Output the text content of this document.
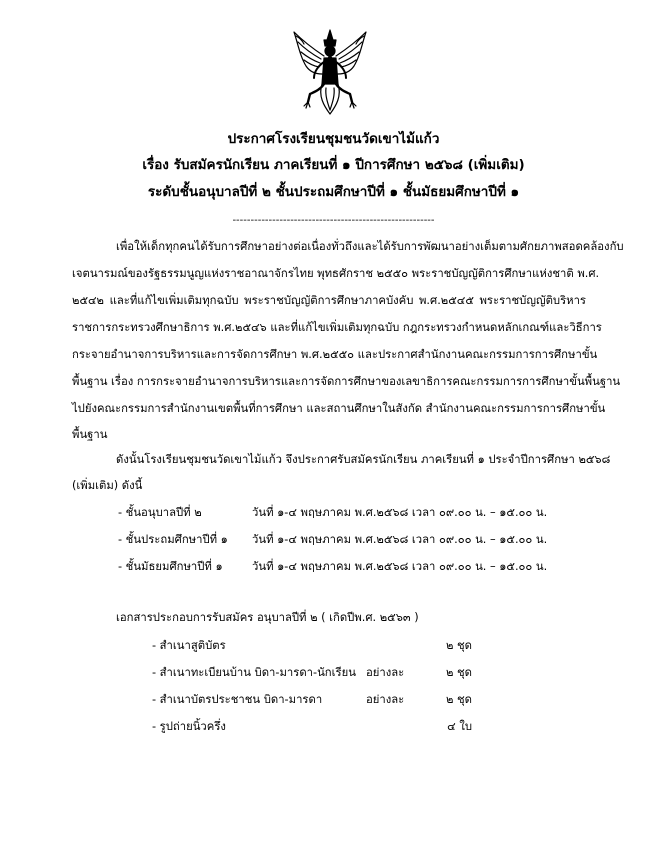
ประกาศโรงเรียนชุมชนวัดเขาไม้แก้ว
เรื่อง รับสมัครนักเรียน ภาคเรียนที่ ๑ ปีการศึกษา ๒๕๖๘ (เพิ่มเติม)
ระดับชั้นอนุบาลปีที่ ๒ ชั้นประถมศึกษาปีที่ ๑ ชั้นมัธยมศึกษาปีที่ ๑
--------------------------------------------------------
เพื่อให้เด็กทุกคนได้รับการศึกษาอย่างต่อเนื่องทั่วถึงและได้รับการพัฒนาอย่างเต็มตามศักยภาพสอดคล้องกับ
เจตนารมณ์ของรัฐธรรมนูญแห่งราชอาณาจักรไทย พุทธศักราช ๒๕๕๐ พระราชบัญญัติการศึกษาแห่งชาติ พ.ศ.
๒๕๔๒ และที่แก้ไขเพิ่มเติมทุกฉบับ พระราชบัญญัติการศึกษาภาคบังคับ พ.ศ.๒๕๔๕ พระราชบัญญัติบริหาร
ราชการกระทรวงศึกษาธิการ พ.ศ.๒๕๔๖ และที่แก้ไขเพิ่มเติมทุกฉบับ กฎกระทรวงกำหนดหลักเกณฑ์และวิธีการ
กระจายอำนาจการบริหารและการจัดการศึกษา พ.ศ.๒๕๕๐ และประกาศสำนักงานคณะกรรมการการศึกษาขั้น
พื้นฐาน เรื่อง การกระจายอำนาจการบริหารและการจัดการศึกษาของเลขาธิการคณะกรรมการการศึกษาขั้นพื้นฐาน
ไปยังคณะกรรมการสำนักงานเขตพื้นที่การศึกษา และสถานศึกษาในสังกัด สำนักงานคณะกรรมการการศึกษาขั้น
พื้นฐาน
ดังนั้นโรงเรียนชุมชนวัดเขาไม้แก้ว จึงประกาศรับสมัครนักเรียน ภาคเรียนที่ ๑ ประจำปีการศึกษา ๒๕๖๘
(เพิ่มเติม) ดังนี้
- ชั้นอนุบาลปีที่ ๒	วันที่ ๑-๔ พฤษภาคม พ.ศ.๒๕๖๘ เวลา ๐๙.๐๐ น. – ๑๕.๐๐ น.
- ชั้นประถมศึกษาปีที่ ๑ วันที่ ๑-๔ พฤษภาคม พ.ศ.๒๕๖๘ เวลา ๐๙.๐๐ น. – ๑๕.๐๐ น.
- ชั้นมัธยมศึกษาปีที่ ๑	วันที่ ๑-๔ พฤษภาคม พ.ศ.๒๕๖๘ เวลา ๐๙.๐๐ น. – ๑๕.๐๐ น.
เอกสารประกอบการรับสมัคร อนุบาลปีที่ ๒ ( เกิดปีพ.ศ. ๒๕๖๓ )
- สำเนาสูติบัตร	๒ ชุด
- สำเนาทะเบียนบ้าน บิดา-มารดา-นักเรียน อย่างละ	๒ ชุด
- สำเนาบัตรประชาชน บิดา-มารดา	อย่างละ	๒ ชุด
- รูปถ่ายนิ้วครึ่ง	๔ ใบ
